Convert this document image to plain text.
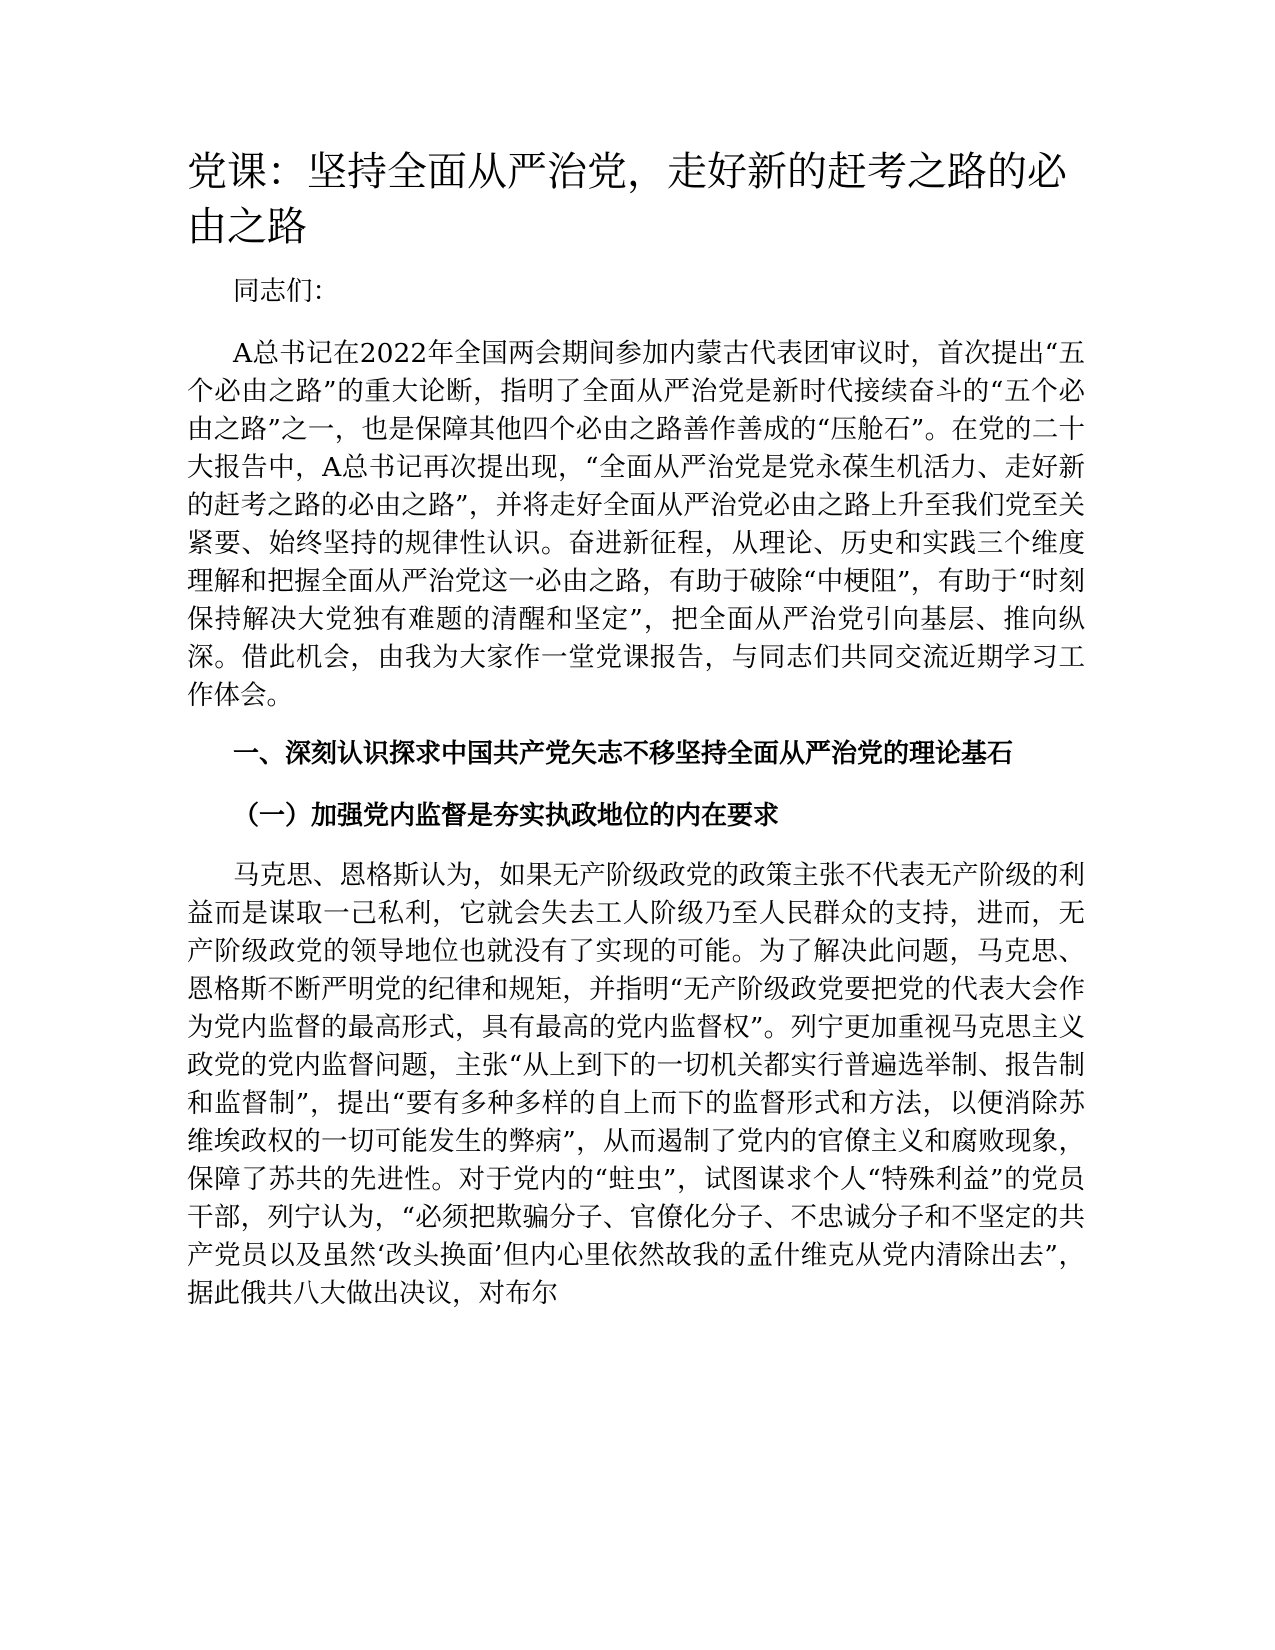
党课：坚持全面从严治党，走好新的赶考之路的必由之路

同志们：

A总书记在2022年全国两会期间参加内蒙古代表团审议时，首次提出“五个必由之路”的重大论断，指明了全面从严治党是新时代接续奋斗的“五个必由之路”之一，也是保障其他四个必由之路善作善成的“压舱石”。在党的二十大报告中，A总书记再次提出现，“全面从严治党是党永葆生机活力、走好新的赶考之路的必由之路”，并将走好全面从严治党必由之路上升至我们党至关紧要、始终坚持的规律性认识。奋进新征程，从理论、历史和实践三个维度理解和把握全面从严治党这一必由之路，有助于破除“中梗阻”，有助于“时刻保持解决大党独有难题的清醒和坚定”，把全面从严治党引向基层、推向纵深。借此机会，由我为大家作一堂党课报告，与同志们共同交流近期学习工作体会。

一、深刻认识探求中国共产党矢志不移坚持全面从严治党的理论基石
（一）加强党内监督是夯实执政地位的内在要求

马克思、恩格斯认为，如果无产阶级政党的政策主张不代表无产阶级的利益而是谋取一己私利，它就会失去工人阶级乃至人民群众的支持，进而，无产阶级政党的领导地位也就没有了实现的可能。为了解决此问题，马克思、恩格斯不断严明党的纪律和规矩，并指明“无产阶级政党要把党的代表大会作为党内监督的最高形式，具有最高的党内监督权”。列宁更加重视马克思主义政党的党内监督问题，主张“从上到下的一切机关都实行普遍选举制、报告制和监督制”，提出“要有多种多样的自上而下的监督形式和方法，以便消除苏维埃政权的一切可能发生的弊病”，从而遏制了党内的官僚主义和腐败现象，保障了苏共的先进性。对于党内的“蛀虫”，试图谋求个人“特殊利益”的党员干部，列宁认为，“必须把欺骗分子、官僚化分子、不忠诚分子和不坚定的共产党员以及虽然‘改头换面’但内心里依然故我的孟什维克从党内清除出去”，据此俄共八大做出决议，对布尔
